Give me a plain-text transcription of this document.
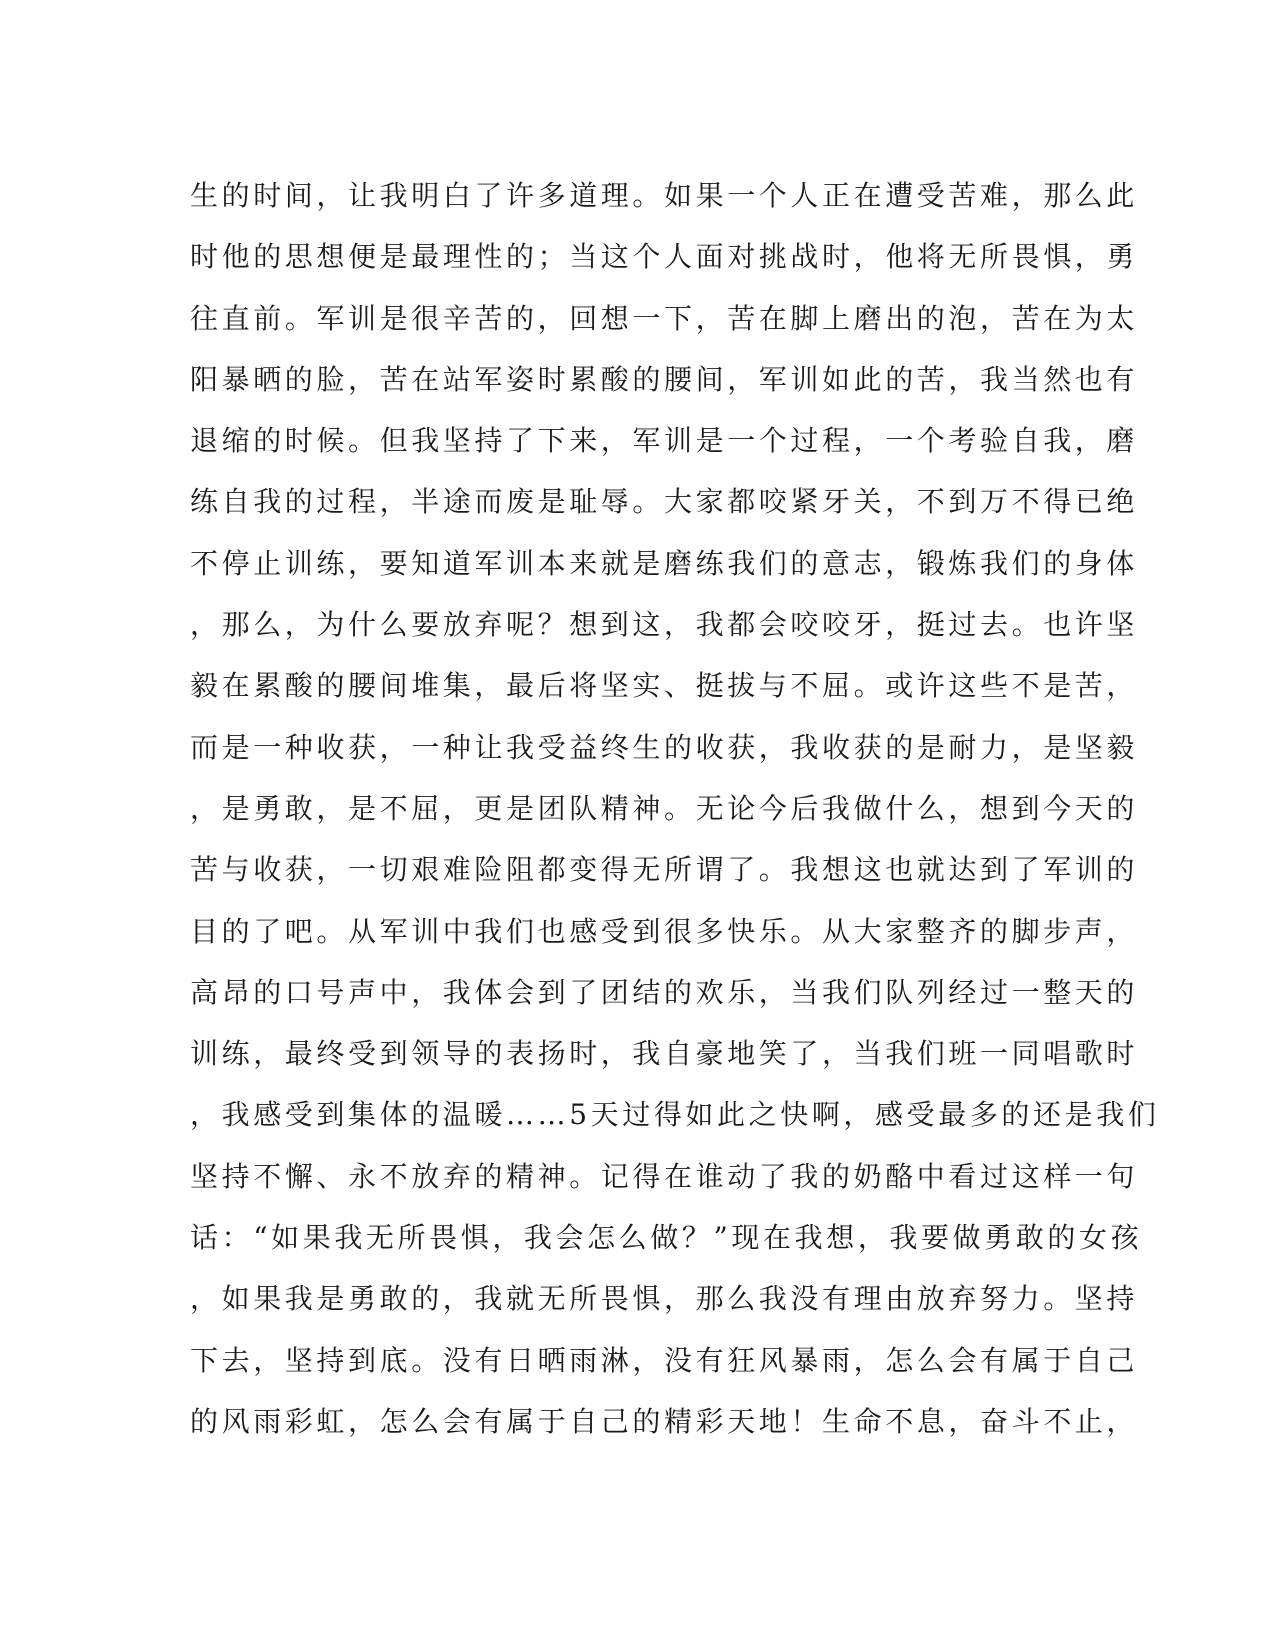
生的时间，让我明白了许多道理。如果一个人正在遭受苦难，那么此
时他的思想便是最理性的；当这个人面对挑战时，他将无所畏惧，勇
往直前。军训是很辛苦的，回想一下，苦在脚上磨出的泡，苦在为太
阳暴晒的脸，苦在站军姿时累酸的腰间，军训如此的苦，我当然也有
退缩的时候。但我坚持了下来，军训是一个过程，一个考验自我，磨
练自我的过程，半途而废是耻辱。大家都咬紧牙关，不到万不得已绝
不停止训练，要知道军训本来就是磨练我们的意志，锻炼我们的身体
，那么，为什么要放弃呢？想到这，我都会咬咬牙，挺过去。也许坚
毅在累酸的腰间堆集，最后将坚实、挺拔与不屈。或许这些不是苦，
而是一种收获，一种让我受益终生的收获，我收获的是耐力，是坚毅
，是勇敢，是不屈，更是团队精神。无论今后我做什么，想到今天的
苦与收获，一切艰难险阻都变得无所谓了。我想这也就达到了军训的
目的了吧。从军训中我们也感受到很多快乐。从大家整齐的脚步声，
高昂的口号声中，我体会到了团结的欢乐，当我们队列经过一整天的
训练，最终受到领导的表扬时，我自豪地笑了，当我们班一同唱歌时
，我感受到集体的温暖……5天过得如此之快啊，感受最多的还是我们
坚持不懈、永不放弃的精神。记得在谁动了我的奶酪中看过这样一句
话：“如果我无所畏惧，我会怎么做？”现在我想，我要做勇敢的女孩
，如果我是勇敢的，我就无所畏惧，那么我没有理由放弃努力。坚持
下去，坚持到底。没有日晒雨淋，没有狂风暴雨，怎么会有属于自己
的风雨彩虹，怎么会有属于自己的精彩天地！生命不息，奋斗不止，
